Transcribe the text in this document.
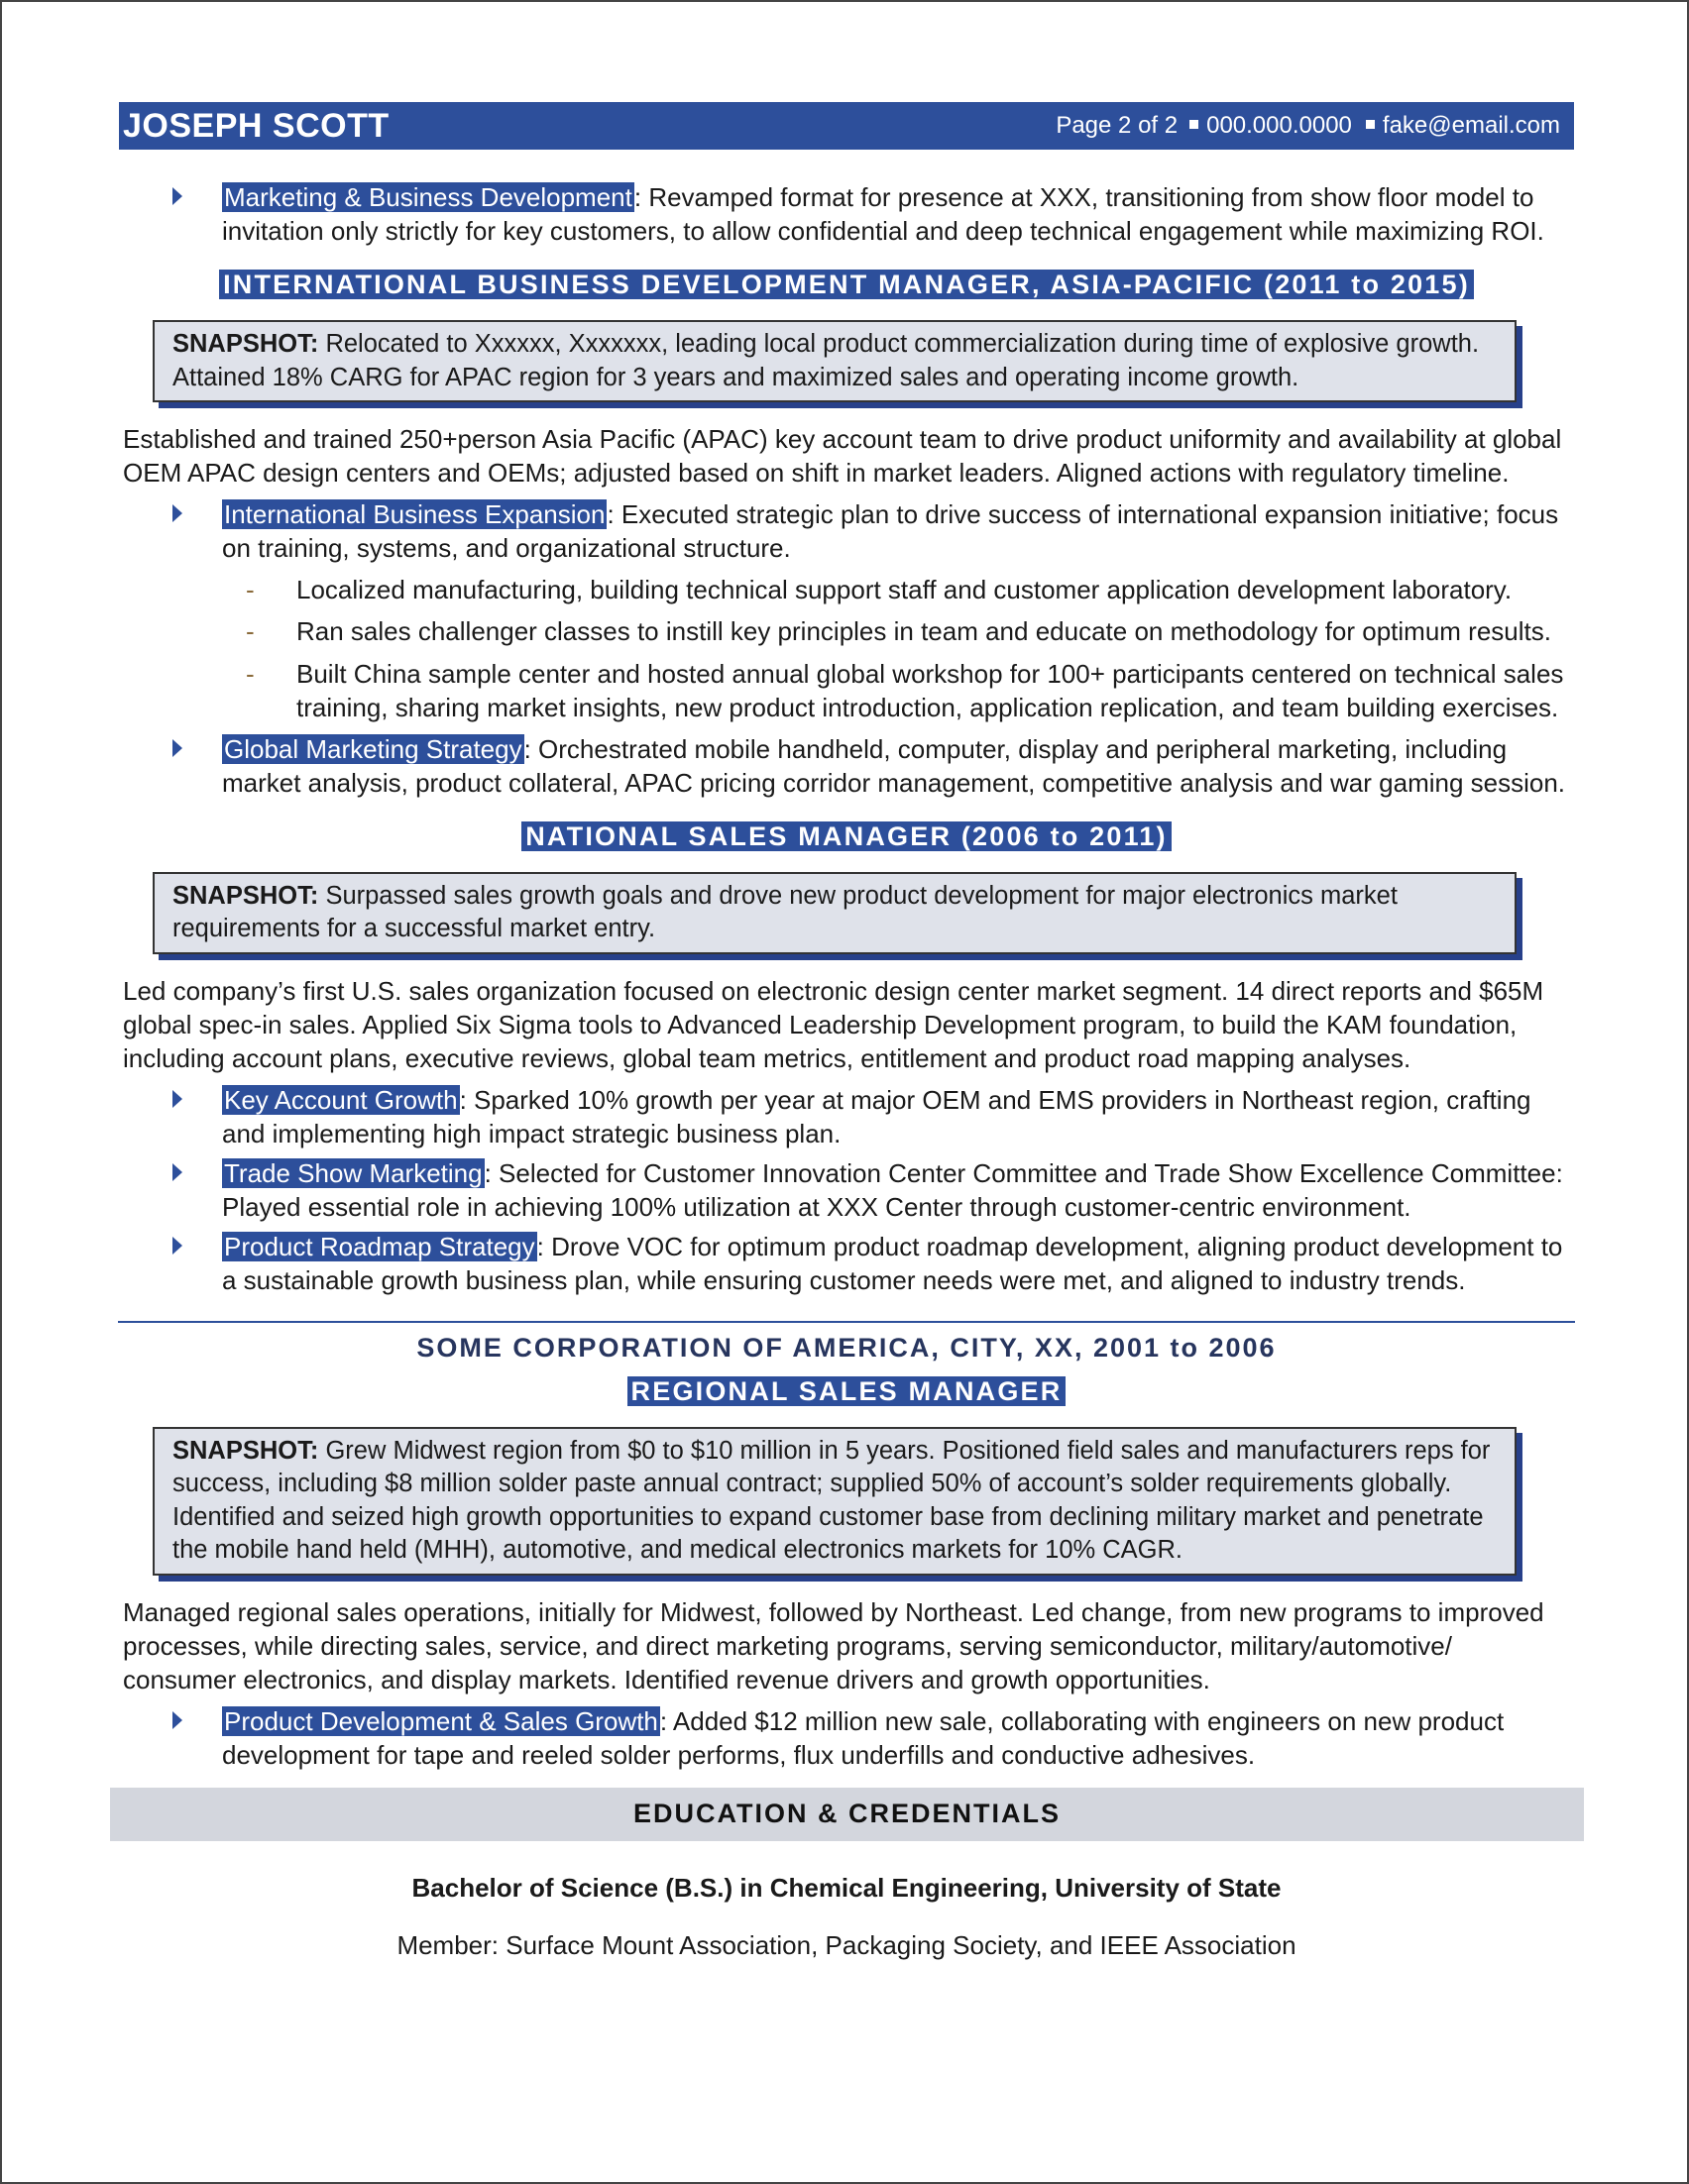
JOSEPH SCOTT	Page 2 of 2 000.000.0000 fake@email.com
Marketing & Business Development: Revamped format for presence at XXX, transitioning from show floor model to invitation only strictly for key customers, to allow confidential and deep technical engagement while maximizing ROI.
INTERNATIONAL BUSINESS DEVELOPMENT MANAGER, ASIA-PACIFIC (2011 to 2015)
SNAPSHOT: Relocated to Xxxxxx, Xxxxxxx, leading local product commercialization during time of explosive growth. Attained 18% CARG for APAC region for 3 years and maximized sales and operating income growth.
Established and trained 250+person Asia Pacific (APAC) key account team to drive product uniformity and availability at global OEM APAC design centers and OEMs; adjusted based on shift in market leaders. Aligned actions with regulatory timeline.
International Business Expansion: Executed strategic plan to drive success of international expansion initiative; focus on training, systems, and organizational structure.
- Localized manufacturing, building technical support staff and customer application development laboratory.
- Ran sales challenger classes to instill key principles in team and educate on methodology for optimum results.
- Built China sample center and hosted annual global workshop for 100+ participants centered on technical sales training, sharing market insights, new product introduction, application replication, and team building exercises.
Global Marketing Strategy: Orchestrated mobile handheld, computer, display and peripheral marketing, including market analysis, product collateral, APAC pricing corridor management, competitive analysis and war gaming session.
NATIONAL SALES MANAGER (2006 to 2011)
SNAPSHOT: Surpassed sales growth goals and drove new product development for major electronics market requirements for a successful market entry.
Led company’s first U.S. sales organization focused on electronic design center market segment. 14 direct reports and $65M global spec-in sales. Applied Six Sigma tools to Advanced Leadership Development program, to build the KAM foundation, including account plans, executive reviews, global team metrics, entitlement and product road mapping analyses.
Key Account Growth: Sparked 10% growth per year at major OEM and EMS providers in Northeast region, crafting and implementing high impact strategic business plan.
Trade Show Marketing: Selected for Customer Innovation Center Committee and Trade Show Excellence Committee: Played essential role in achieving 100% utilization at XXX Center through customer-centric environment.
Product Roadmap Strategy: Drove VOC for optimum product roadmap development, aligning product development to a sustainable growth business plan, while ensuring customer needs were met, and aligned to industry trends.
SOME CORPORATION OF AMERICA, CITY, XX, 2001 to 2006
REGIONAL SALES MANAGER
SNAPSHOT: Grew Midwest region from $0 to $10 million in 5 years. Positioned field sales and manufacturers reps for success, including $8 million solder paste annual contract; supplied 50% of account’s solder requirements globally. Identified and seized high growth opportunities to expand customer base from declining military market and penetrate the mobile hand held (MHH), automotive, and medical electronics markets for 10% CAGR.
Managed regional sales operations, initially for Midwest, followed by Northeast. Led change, from new programs to improved processes, while directing sales, service, and direct marketing programs, serving semiconductor, military/automotive/ consumer electronics, and display markets. Identified revenue drivers and growth opportunities.
Product Development & Sales Growth: Added $12 million new sale, collaborating with engineers on new product development for tape and reeled solder performs, flux underfills and conductive adhesives.
EDUCATION & CREDENTIALS
Bachelor of Science (B.S.) in Chemical Engineering, University of State
Member: Surface Mount Association, Packaging Society, and IEEE Association
